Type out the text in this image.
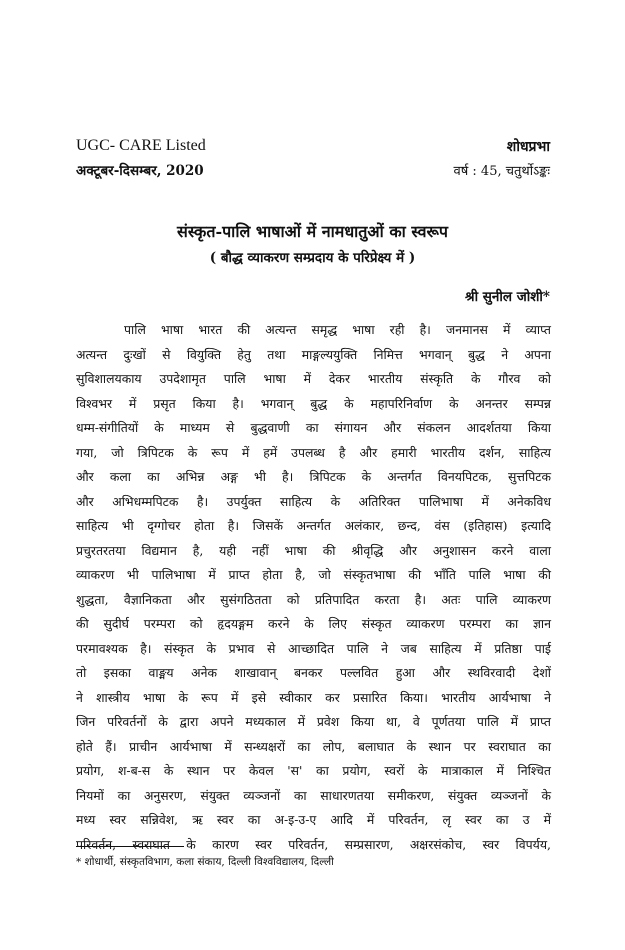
UGC- CARE Listed
अक्टूबर-दिसम्बर, 2020
शोधप्रभा
वर्ष : 45, चतुर्थोऽङ्कः
संस्कृत-पालि भाषाओं में नामधातुओं का स्वरूप
( बौद्ध व्याकरण सम्प्रदाय के परिप्रेक्ष्य में )
श्री सुनील जोशी*
पालि भाषा भारत की अत्यन्त समृद्ध भाषा रही है। जनमानस में व्याप्त
अत्यन्त दुःखों से वियुक्ति हेतु तथा माङ्गल्ययुक्ति निमित्त भगवान् बुद्ध ने अपना
सुविशालयकाय उपदेशामृत पालि भाषा में देकर भारतीय संस्कृति के गौरव को
विश्वभर में प्रसृत किया है। भगवान् बुद्ध के महापरिनिर्वाण के अनन्तर सम्पन्न
धम्म-संगीतियों के माध्यम से बुद्धवाणी का संगायन और संकलन आदर्शतया किया
गया, जो त्रिपिटक के रूप में हमें उपलब्ध है और हमारी भारतीय दर्शन, साहित्य
और कला का अभिन्न अङ्ग भी है। त्रिपिटक के अन्तर्गत विनयपिटक, सुत्तपिटक
और अभिधम्मपिटक है। उपर्युक्त साहित्य के अतिरिक्त पालिभाषा में अनेकविध
साहित्य भी दृग्गोचर होता है। जिसकें अन्तर्गत अलंकार, छन्द, वंस (इतिहास) इत्यादि
प्रचुरतरतया विद्यमान है, यही नहीं भाषा की श्रीवृद्धि और अनुशासन करने वाला
व्याकरण भी पालिभाषा में प्राप्त होता है, जो संस्कृतभाषा की भाँति पालि भाषा की
शुद्धता, वैज्ञानिकता और सुसंगठितता को प्रतिपादित करता है। अतः पालि व्याकरण
की सुदीर्घ परम्परा को हृदयङ्गम करने के लिए संस्कृत व्याकरण परम्परा का ज्ञान
परमावश्यक है। संस्कृत के प्रभाव से आच्छादित पालि ने जब साहित्य में प्रतिष्ठा पाई
तो इसका वाङ्मय अनेक शाखावान् बनकर पल्लवित हुआ और स्थविरवादी देशों
ने शास्त्रीय भाषा के रूप में इसे स्वीकार कर प्रसारित किया। भारतीय आर्यभाषा ने
जिन परिवर्तनों के द्वारा अपने मध्यकाल में प्रवेश किया था, वे पूर्णतया पालि में प्राप्त
होते हैं। प्राचीन आर्यभाषा में सन्ध्यक्षरों का लोप, बलाघात के स्थान पर स्वराघात का
प्रयोग, श-ब-स के स्थान पर केवल 'स' का प्रयोग, स्वरों के मात्राकाल में निश्चित
नियमों का अनुसरण, संयुक्त व्यञ्जनों का साधारणतया समीकरण, संयुक्त व्यञ्जनों के
मध्य स्वर सन्निवेश, ऋ स्वर का अ-इ-उ-ए आदि में परिवर्तन, लृ स्वर का उ में
परिवर्तन, स्वराघात के कारण स्वर परिवर्तन, सम्प्रसारण, अक्षरसंकोच, स्वर विपर्यय,
* शोधार्थी, संस्कृतविभाग, कला संकाय, दिल्ली विश्वविद्यालय, दिल्ली
